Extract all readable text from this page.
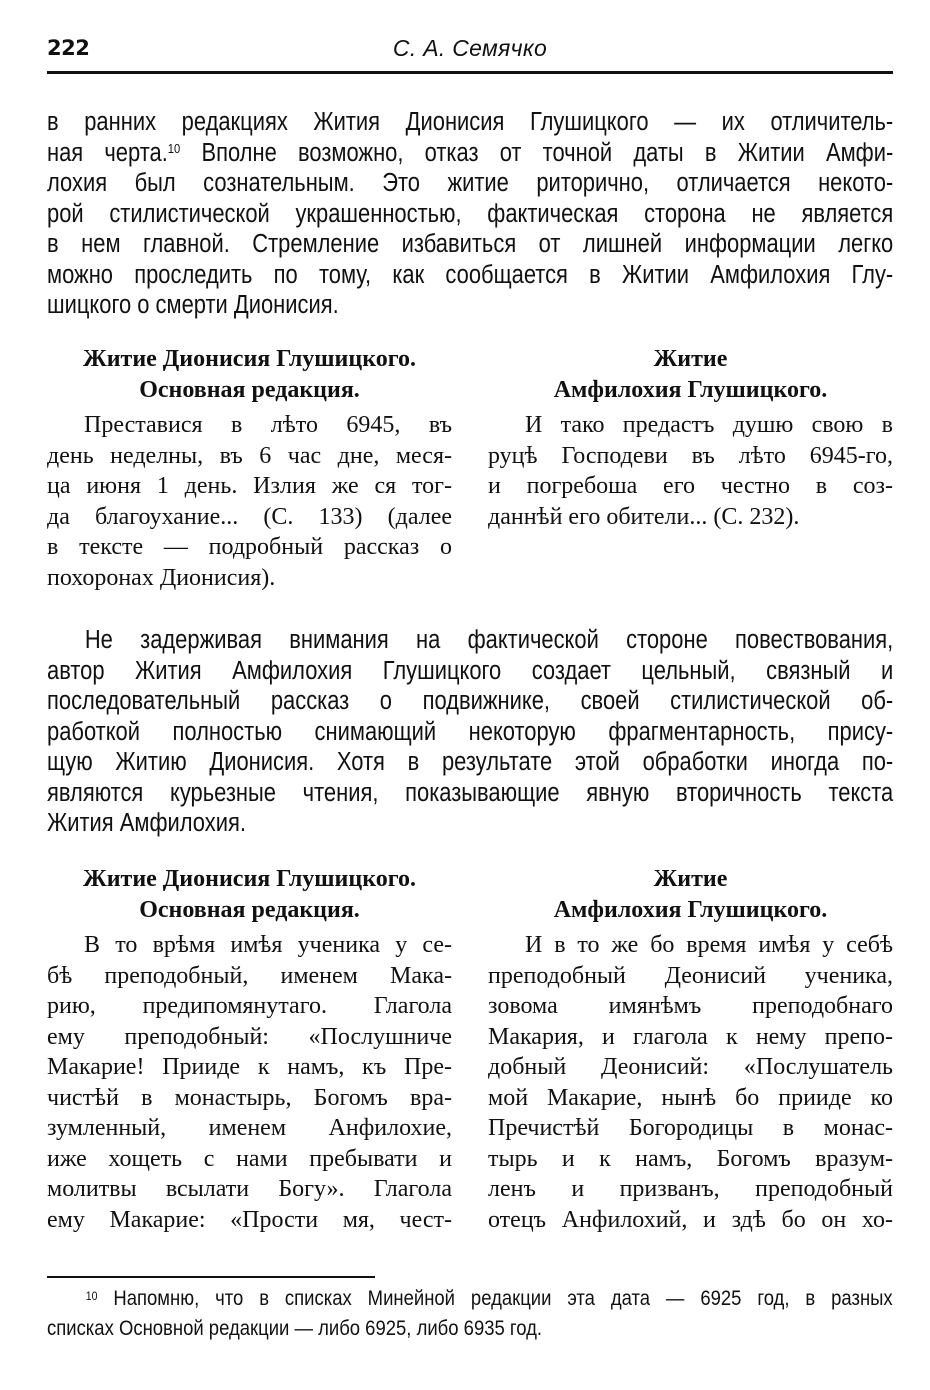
222	С. А. Семячко
в ранних редакциях Жития Дионисия Глушицкого — их отличитель-
ная черта.$^{10}$ Вполне возможно, отказ от точной даты в Житии Амфи-
лохия был сознательным. Это житие риторично, отличается некото-
рой стилистической украшенностью, фактическая сторона не является
в нем главной. Стремление избавиться от лишней информации легко
можно проследить по тому, как сообщается в Житии Амфилохия Глу-
шицкого о смерти Дионисия.
Житие Дионисия Глушицкого.
Основная редакция.
Преставися в лѣто 6945, въ
день неделны, въ 6 час дне, меся-
ца июня 1 день. Излия же ся тог-
да благоухание... (С. 133) (далее
в тексте — подробный рассказ о
похоронах Дионисия).
Житие
Амфилохия Глушицкого.
И тако предастъ душю свою в
руцѣ Господеви въ лѣто 6945-го,
и погребоша его честно в соз-
даннѣй его обители... (С. 232).
Не задерживая внимания на фактической стороне повествования,
автор Жития Амфилохия Глушицкого создает цельный, связный и
последовательный рассказ о подвижнике, своей стилистической об-
работкой полностью снимающий некоторую фрагментарность, прису-
щую Житию Дионисия. Хотя в результате этой обработки иногда по-
являются курьезные чтения, показывающие явную вторичность текста
Жития Амфилохия.
Житие Дионисия Глушицкого.
Основная редакция.
В то врѣмя имѣя ученика у се-
бѣ преподобный, именем Мака-
рию, предипомянутаго. Глагола
ему преподобный: «Послушниче
Макарие! Прииде к намъ, къ Пре-
чистѣй в монастырь, Богомъ вра-
зумленный, именем Анфилохие,
иже хощеть с нами пребывати и
молитвы всылати Богу». Глагола
ему Макарие: «Прости мя, чест-
Житие
Амфилохия Глушицкого.
И в то же бо время имѣя у себѣ
преподобный Деонисий ученика,
зовома имянѣмъ преподобнаго
Макария, и глагола к нему препо-
добный Деонисий: «Послушатель
мой Макарие, нынѣ бо прииде ко
Пречистѣй Богородицы в монас-
тырь и к намъ, Богомъ вразум-
ленъ и призванъ, преподобный
отецъ Анфилохий, и здѣ бо он хо-
$^{10}$ Напомню, что в списках Минейной редакции эта дата — 6925 год, в разных
списках Основной редакции — либо 6925, либо 6935 год.
